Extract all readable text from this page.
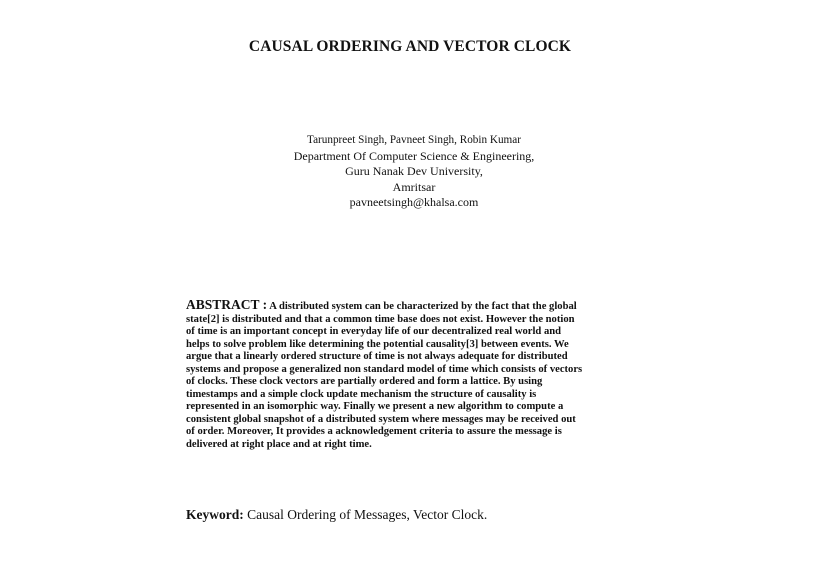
CAUSAL ORDERING AND VECTOR CLOCK
Tarunpreet Singh, Pavneet Singh, Robin Kumar
Department Of Computer Science & Engineering,
Guru Nanak Dev University,
Amritsar
pavneetsingh@khalsa.com
ABSTRACT : A distributed system can be characterized by the fact that the global
state[2] is distributed and that a common time base does not exist. However the notion
of time is an important concept in everyday life of our decentralized real world and
helps to solve problem like determining the potential causality[3] between events. We
argue that a linearly ordered structure of time is not always adequate for distributed
systems and propose a generalized non standard model of time which consists of vectors
of clocks. These clock vectors are partially ordered and form a lattice. By using
timestamps and a simple clock update mechanism the structure of causality is
represented in an isomorphic way. Finally we present a new algorithm to compute a
consistent global snapshot of a distributed system where messages may be received out
of order. Moreover, It provides a acknowledgement criteria to assure the message is
delivered at right place and at right time.
Keyword: Causal Ordering of Messages, Vector Clock.
